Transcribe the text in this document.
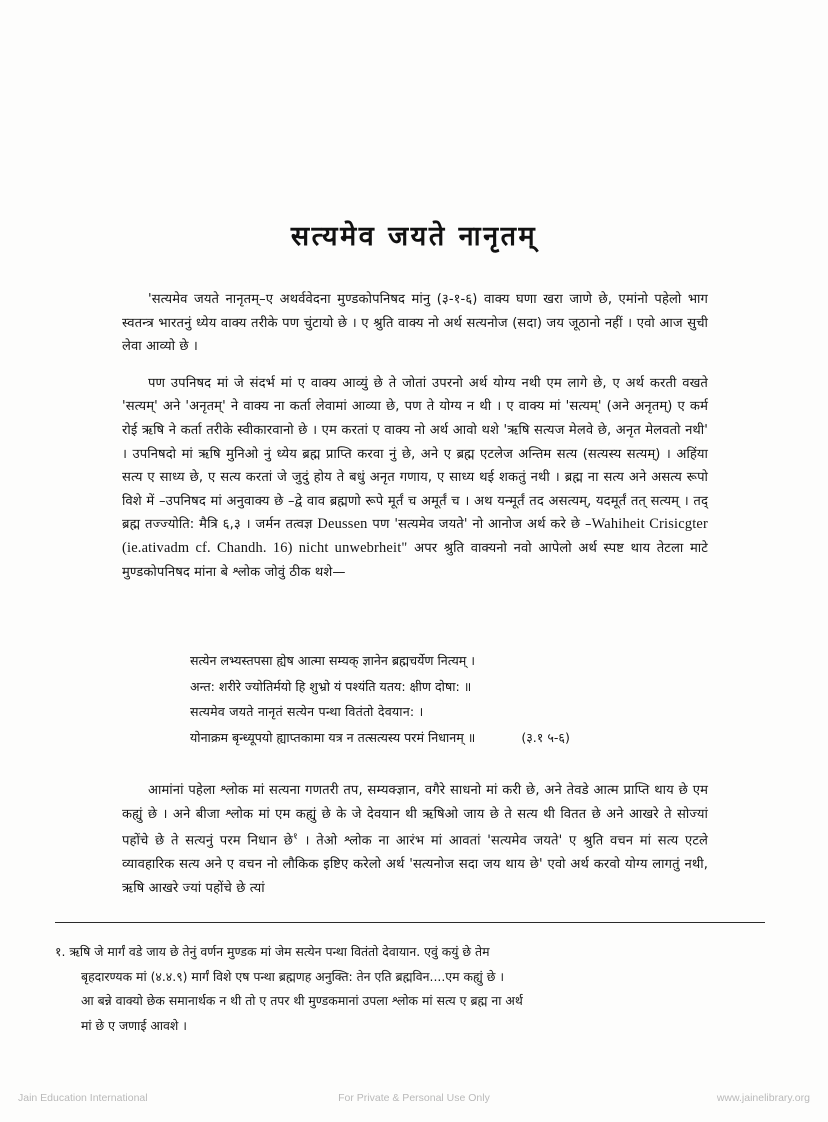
सत्यमेव जयते नानृतम्

'सत्यमेव जयते नानृतम्–ए अथर्ववेदना मुण्डकोपनिषद मांनु (३-१-६) वाक्य घणा खरा जाणे छे, एमांनो पहेलो भाग स्वतन्त्र भारतनुं ध्येय वाक्य तरीके पण चुंटायो छे । ए श्रुति वाक्य नो अर्थ सत्यनोज (सदा) जय जूठानो नहीं । एवो आज सुची लेवा आव्यो छे ।

पण उपनिषद मां जे संदर्भ मां ए वाक्य आव्युं छे ते जोतां उपरनो अर्थ योग्य नथी एम लागे छे, ए अर्थ करती वखते 'सत्यम्' अने 'अनृतम्' ने वाक्य ना कर्ता लेवामां आव्या छे, पण ते योग्य न थी । ए वाक्य मां 'सत्यम्' (अने अनृतम्) ए कर्म रोई ऋषि ने कर्ता तरीके स्वीकारवानो छे । एम करतां ए वाक्य नो अर्थ आवो थशे 'ऋषि सत्यज मेलवे छे, अनृत मेलवतो नथी' । उपनिषदो मां ऋषि मुनिओ नुं ध्येय ब्रह्म प्राप्ति करवा नुं छे, अने ए ब्रह्म एटलेज अन्तिम सत्य (सत्यस्य सत्यम्) । अहिंया सत्य ए साध्य छे, ए सत्य करतां जे जुदुं होय ते बधुं अनृत गणाय, ए साध्य थई शकतुं नथी । ब्रह्म ना सत्य अने असत्य रूपो विशे में –उपनिषद मां अनुवाक्य छे –द्वे वाव ब्रह्मणो रूपे मूर्तं च अमूर्तं च । अथ यन्मूर्तं तद असत्यम्, यदमूर्तं तत् सत्यम् । तद् ब्रह्म तज्ज्योति: मैत्रि ६,३ । जर्मन तत्वज्ञ Deussen पण 'सत्यमेव जयते' नो आनोज अर्थ करे छे –Wahiheit Crisicgter (ie.ativadm cf. Chandh. 16) nicht unwebrheit" अपर श्रुति वाक्यनो नवो आपेलो अर्थ स्पष्ट थाय तेटला माटे मुण्डकोपनिषद मांना बे श्लोक जोवुं ठीक थशे—

सत्येन लभ्यस्तपसा ह्येष आत्मा सम्यक् ज्ञानेन ब्रह्मचर्येण नित्यम् ।
अन्त: शरीरे ज्योतिर्मयो हि शुभ्रो यं पश्यंति यतय: क्षीण दोषा: ॥
सत्यमेव जयते नानृतं सत्येन पन्था वितंतो देवयान: ।
योनाक्रम बृन्ध्यूपयो ह्याप्तकामा यत्र न तत्सत्यस्य परमं निधानम् ॥	(३.१ ५-६)

आमांनां पहेला श्लोक मां सत्यना गणतरी तप, सम्यक्ज्ञान, वगैरे साधनो मां करी छे, अने तेवडे आत्म प्राप्ति थाय छे एम कह्युं छे । अने बीजा श्लोक मां एम कह्युं छे के जे देवयान थी ऋषिओ जाय छे ते सत्य थी वितत छे अने आखरे ते सोज्यां पहोंचे छे ते सत्यनुं परम निधान छे$^१$ । तेओ श्लोक ना आरंभ मां आवतां 'सत्यमेव जयते' ए श्रुति वचन मां सत्य एटले व्यावहारिक सत्य अने ए वचन नो लौकिक इष्टिए करेलो अर्थ 'सत्यनोज सदा जय थाय छे' एवो अर्थ करवो योग्य लागतुं नथी, ऋषि आखरे ज्यां पहोंचे छे त्यां

१. ऋषि जे मार्गं वडे जाय छे तेनुं वर्णन मुण्डक मां जेम सत्येन पन्था वितंतो देवायान. एवुं कयुं छे तेम
बृहदारण्यक मां (४.४.९) मार्गं विशे एष पन्था ब्रह्मणह अनुक्ति: तेन एति ब्रह्मविन....एम कह्युं छे ।
आ बन्ने वाक्यो छेक समानार्थक न थी तो ए तपर थी मुण्डकमानां उपला श्लोक मां सत्य ए ब्रह्म ना अर्थ
मां छे ए जणाई आवशे ।
Jain Education International	For Private & Personal Use Only	www.jainelibrary.org
